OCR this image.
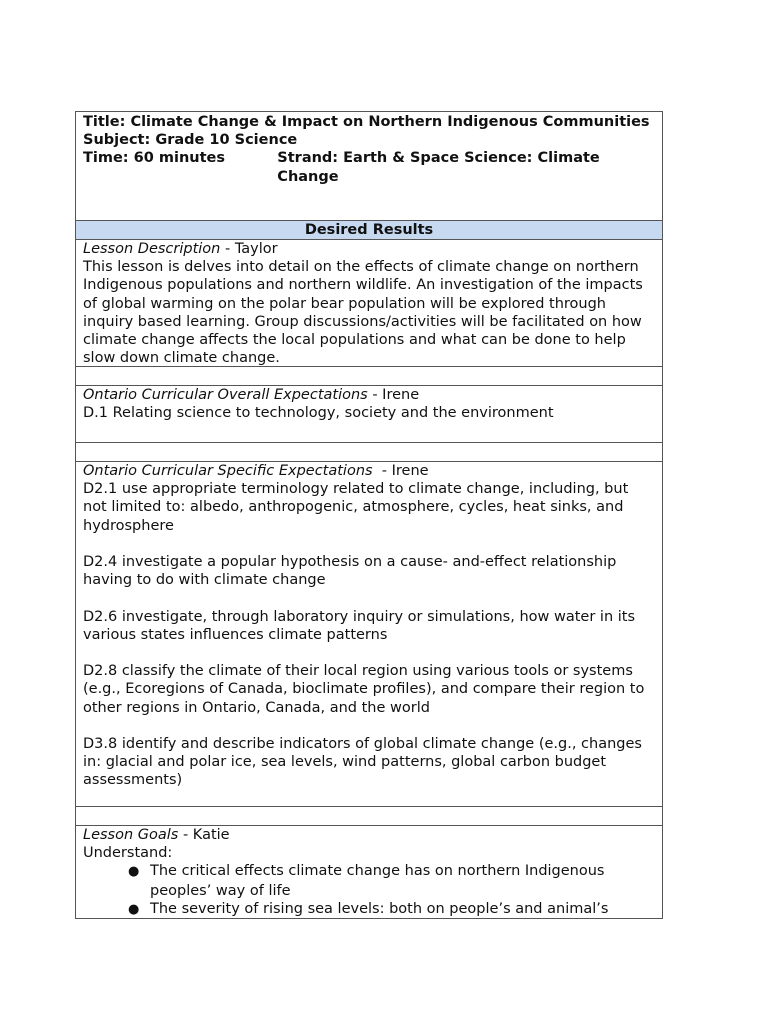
Title: Climate Change & Impact on Northern Indigenous Communities
Subject: Grade 10 Science
Time: 60 minutes	Strand: Earth & Space Science: Climate Change
Desired Results
Lesson Description - Taylor

This lesson is delves into detail on the effects of climate change on northern Indigenous populations and northern wildlife. An investigation of the impacts of global warming on the polar bear population will be explored through inquiry based learning. Group discussions/activities will be facilitated on how climate change affects the local populations and what can be done to help slow down climate change.

Ontario Curricular Overall Expectations - Irene

D.1 Relating science to technology, society and the environment

Ontario Curricular Specific Expectations  - Irene

D2.1 use appropriate terminology related to climate change, including, but not limited to: albedo, anthropogenic, atmosphere, cycles, heat sinks, and hydrosphere

D2.4 investigate a popular hypothesis on a cause- and-effect relationship having to do with climate change

D2.6 investigate, through laboratory inquiry or simulations, how water in its various states influences climate patterns

D2.8 classify the climate of their local region using various tools or systems (e.g., Ecoregions of Canada, bioclimate profiles), and compare their region to other regions in Ontario, Canada, and the world

D3.8 identify and describe indicators of global climate change (e.g., changes in: glacial and polar ice, sea levels, wind patterns, global carbon budget assessments)

Lesson Goals - Katie
Understand:
● The critical effects climate change has on northern Indigenous peoples’ way of life
● The severity of rising sea levels: both on people’s and animal’s
